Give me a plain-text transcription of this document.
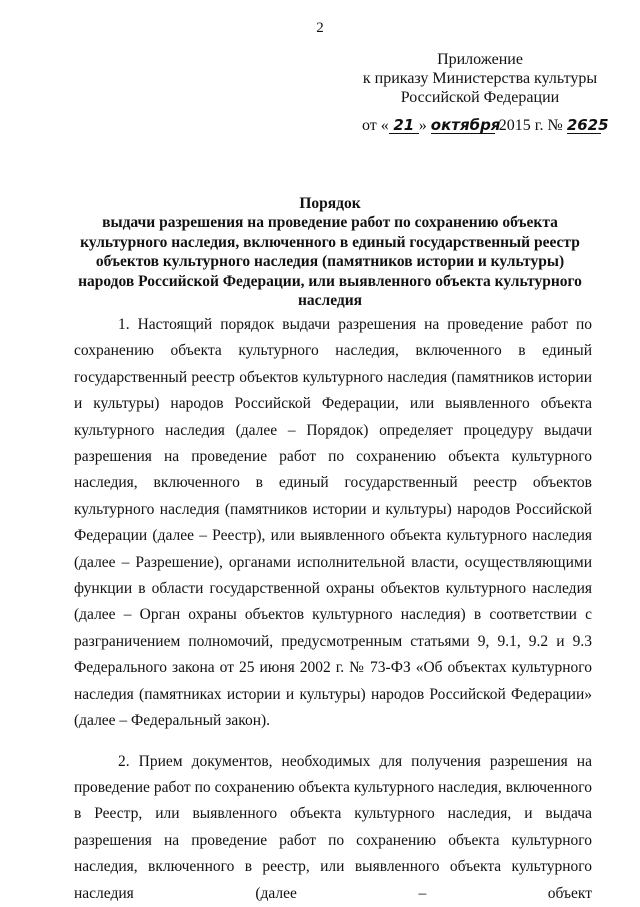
2
Приложение
к приказу Министерства культуры
Российской Федерации
от « 21 » октября 2015 г. № 2625
Порядок
выдачи разрешения на проведение работ по сохранению объекта культурного наследия, включенного в единый государственный реестр объектов культурного наследия (памятников истории и культуры) народов Российской Федерации, или выявленного объекта культурного наследия

1. Настоящий порядок выдачи разрешения на проведение работ по сохранению объекта культурного наследия, включенного в единый государственный реестр объектов культурного наследия (памятников истории и культуры) народов Российской Федерации, или выявленного объекта культурного наследия (далее – Порядок) определяет процедуру выдачи разрешения на проведение работ по сохранению объекта культурного наследия, включенного в единый государственный реестр объектов культурного наследия (памятников истории и культуры) народов Российской Федерации (далее – Реестр), или выявленного объекта культурного наследия (далее – Разрешение), органами исполнительной власти, осуществляющими функции в области государственной охраны объектов культурного наследия (далее – Орган охраны объектов культурного наследия) в соответствии с разграничением полномочий, предусмотренным статьями 9, 9.1, 9.2 и 9.3 Федерального закона от 25 июня 2002 г. № 73-ФЗ «Об объектах культурного наследия (памятниках истории и культуры) народов Российской Федерации» (далее – Федеральный закон).

2. Прием документов, необходимых для получения разрешения на проведение работ по сохранению объекта культурного наследия, включенного в Реестр, или выявленного объекта культурного наследия, и выдача разрешения на проведение работ по сохранению объекта культурного наследия, включенного в реестр, или выявленного объекта культурного наследия (далее – объект
